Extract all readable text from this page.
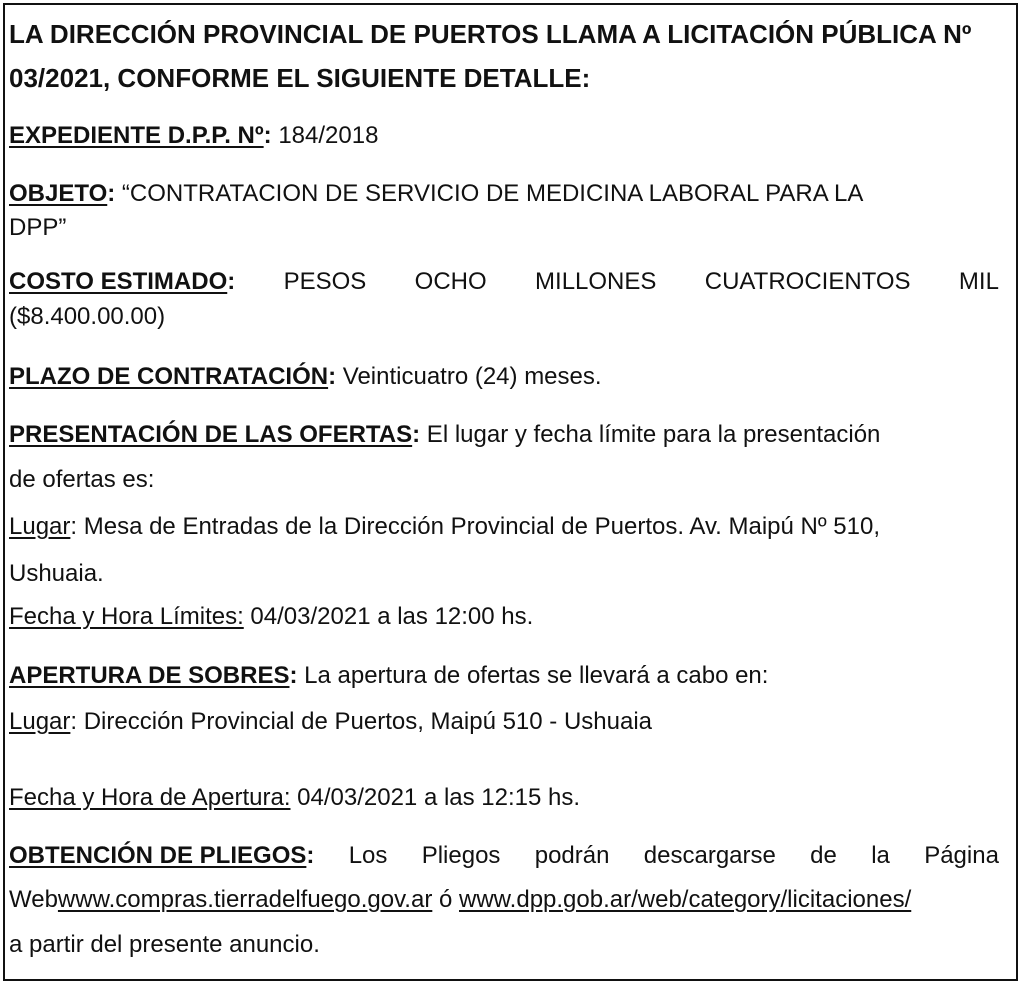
LA DIRECCIÓN PROVINCIAL DE PUERTOS LLAMA A LICITACIÓN PÚBLICA Nº
03/2021, CONFORME EL SIGUIENTE DETALLE:
EXPEDIENTE D.P.P. Nº: 184/2018
OBJETO: “CONTRATACION DE SERVICIO DE MEDICINA LABORAL PARA LA
DPP”
COSTO ESTIMADO: PESOS OCHO MILLONES CUATROCIENTOS MIL
($8.400.00.00)
PLAZO DE CONTRATACIÓN: Veinticuatro (24) meses.
PRESENTACIÓN DE LAS OFERTAS: El lugar y fecha límite para la presentación
de ofertas es:
Lugar: Mesa de Entradas de la Dirección Provincial de Puertos. Av. Maipú Nº 510,
Ushuaia.
Fecha y Hora Límites: 04/03/2021 a las 12:00 hs.
APERTURA DE SOBRES: La apertura de ofertas se llevará a cabo en:
Lugar: Dirección Provincial de Puertos, Maipú 510 - Ushuaia
Fecha y Hora de Apertura: 04/03/2021 a las 12:15 hs.
OBTENCIÓN DE PLIEGOS: Los Pliegos podrán descargarse de la Página
Webwww.compras.tierradelfuego.gov.ar ó www.dpp.gob.ar/web/category/licitaciones/
a partir del presente anuncio.
